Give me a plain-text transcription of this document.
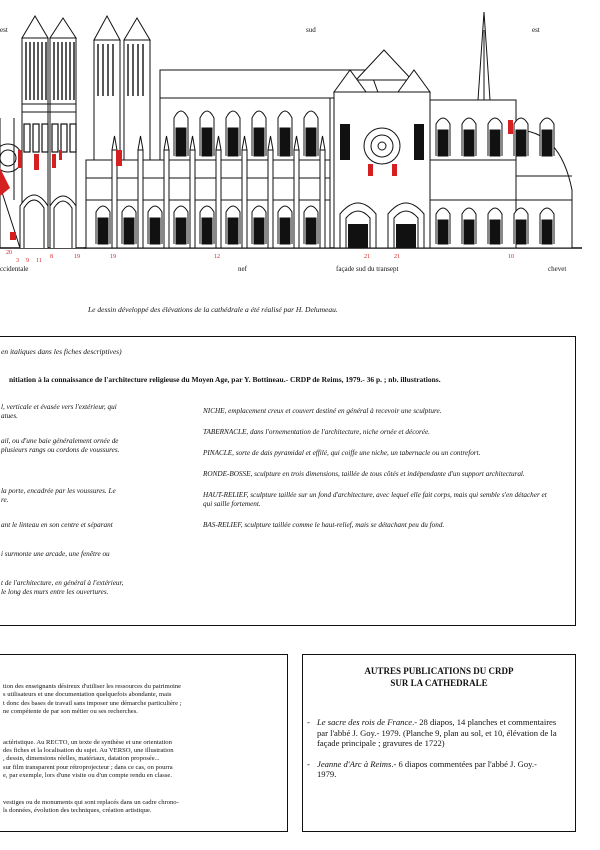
est	sud	est
20
3 9 11
8	19	19	12	21	21	10
ccidentale	nef	façade sud du transept	chevet
Le dessin développé des élévations de la cathédrale a été réalisé par H. Delumeau.
en italiques dans les fiches descriptives)
nitiation à la connaissance de l'architecture religieuse du Moyen Age, par Y. Bottineau.- CRDP de Reims, 1979.- 36 p. ; nb. illustrations.

l, verticale et évasée vers l'extérieur, qui

atues.

ail, ou d'une baie généralement ornée de

plusieurs rangs ou cordons de voussures.

la porte, encadrée par les voussures. Le

re.

ant le linteau en son centre et séparant

i surmonte une arcade, une fenêtre ou

t de l'architecture, en général à l'extérieur,

le long des murs entre les ouvertures.

NICHE, emplacement creux et couvert destiné en général à recevoir une sculpture.

TABERNACLE, dans l'ornementation de l'architecture, niche ornée et décorée.

PINACLE, sorte de dais pyramidal et effilé, qui coiffe une niche, un tabernacle ou un contrefort.

RONDE-BOSSE, sculpture en trois dimensions, taillée de tous côtés et indépendante d'un support architectural.

HAUT-RELIEF, sculpture taillée sur un fond d'architecture, avec lequel elle fait corps, mais qui semble s'en détacher et qui saille fortement.

BAS-RELIEF, sculpture taillée comme le haut-relief, mais se détachant peu du fond.

tion des enseignants désireux d'utiliser les ressources du patrimoine
s utilisateurs et une documentation quelquefois abondante, mais
t donc des bases de travail sans imposer une démarche particulière ;
ne compétente de par son métier ou ses recherches.
actéristique. Au RECTO, un texte de synthèse et une orientation
des fiches et la localisation du sujet. Au VERSO, une illustration
, dessin, dimensions réelles, matériaux, datation proposée...
sur film transparent pour rétroprojecteur ; dans ce cas, on pourra
e, par exemple, lors d'une visite ou d'un compte rendu en classe.
vestiges ou de monuments qui sont replacés dans un cadre chrono-
ls données, évolution des techniques, création artistique.
AUTRES PUBLICATIONS DU CRDP
SUR LA CATHEDRALE
- Le sacre des rois de France.- 28 diapos, 14 planches et commentaires par l'abbé J. Goy.- 1979. (Planche 9, plan au sol, et 10, élévation de la façade principale ; gravures de 1722)
- Jeanne d'Arc à Reims.- 6 diapos commentées par l'abbé J. Goy.- 1979.
